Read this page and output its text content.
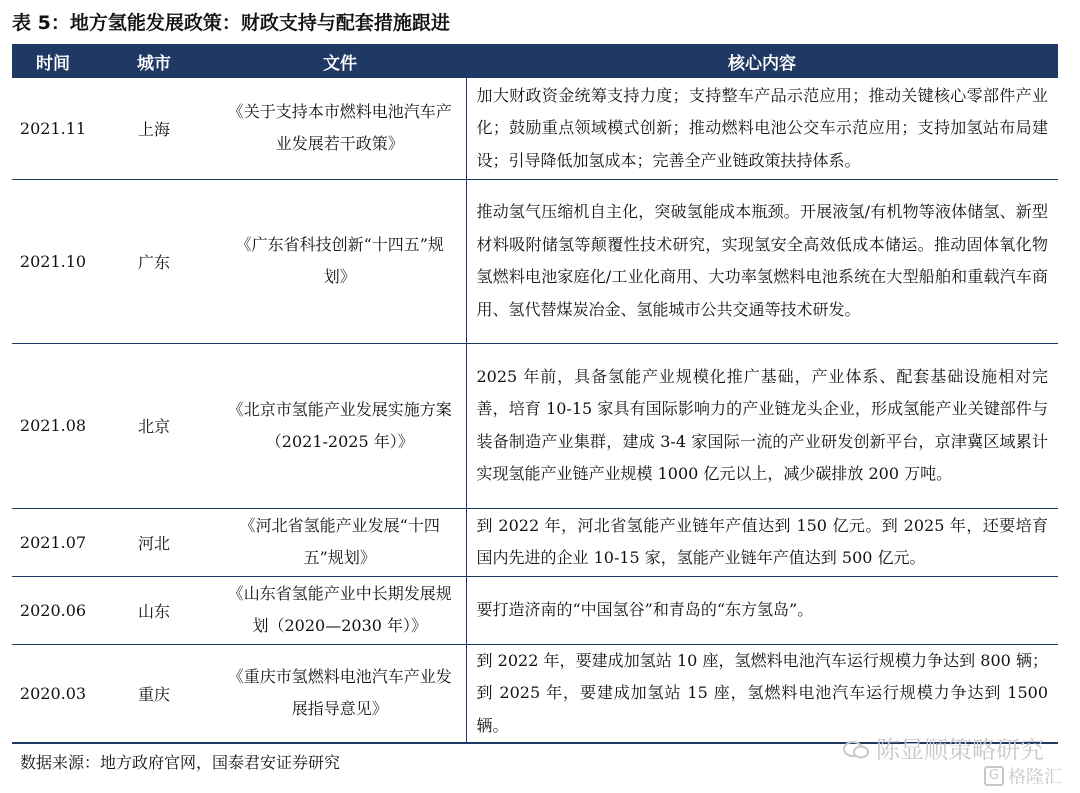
表 5：地方氢能发展政策：财政支持与配套措施跟进
时间	城市	文件	核心内容
2021.11	上海	《关于支持本市燃料电池汽车产业发展若干政策》	加大财政资金统筹支持力度；支持整车产品示范应用；推动关键核心零部件产业化；鼓励重点领域模式创新；推动燃料电池公交车示范应用；支持加氢站布局建设；引导降低加氢成本；完善全产业链政策扶持体系。
2021.10	广东	《广东省科技创新“十四五”规划》	推动氢气压缩机自主化，突破氢能成本瓶颈。开展液氢/有机物等液体储氢、新型材料吸附储氢等颠覆性技术研究，实现氢安全高效低成本储运。推动固体氧化物氢燃料电池家庭化/工业化商用、大功率氢燃料电池系统在大型船舶和重载汽车商用、氢代替煤炭冶金、氢能城市公共交通等技术研发。
2021.08	北京	《北京市氢能产业发展实施方案（2021-2025 年）》	2025 年前，具备氢能产业规模化推广基础，产业体系、配套基础设施相对完善，培育 10-15 家具有国际影响力的产业链龙头企业，形成氢能产业关键部件与装备制造产业集群，建成 3-4 家国际一流的产业研发创新平台，京津冀区域累计实现氢能产业链产业规模 1000 亿元以上，减少碳排放 200 万吨。
2021.07	河北	《河北省氢能产业发展“十四五”规划》	到 2022 年，河北省氢能产业链年产值达到 150 亿元。到 2025 年，还要培育国内先进的企业 10-15 家，氢能产业链年产值达到 500 亿元。
2020.06	山东	《山东省氢能产业中长期发展规划（2020—2030 年）》	要打造济南的“中国氢谷”和青岛的“东方氢岛”。
2020.03	重庆	《重庆市氢燃料电池汽车产业发展指导意见》	到 2022 年，要建成加氢站 10 座，氢燃料电池汽车运行规模力争达到 800 辆；到 2025 年，要建成加氢站 15 座，氢燃料电池汽车运行规模力争达到 1500 辆。
陈显顺策略研究
G 格隆汇
数据来源：地方政府官网，国泰君安证券研究
